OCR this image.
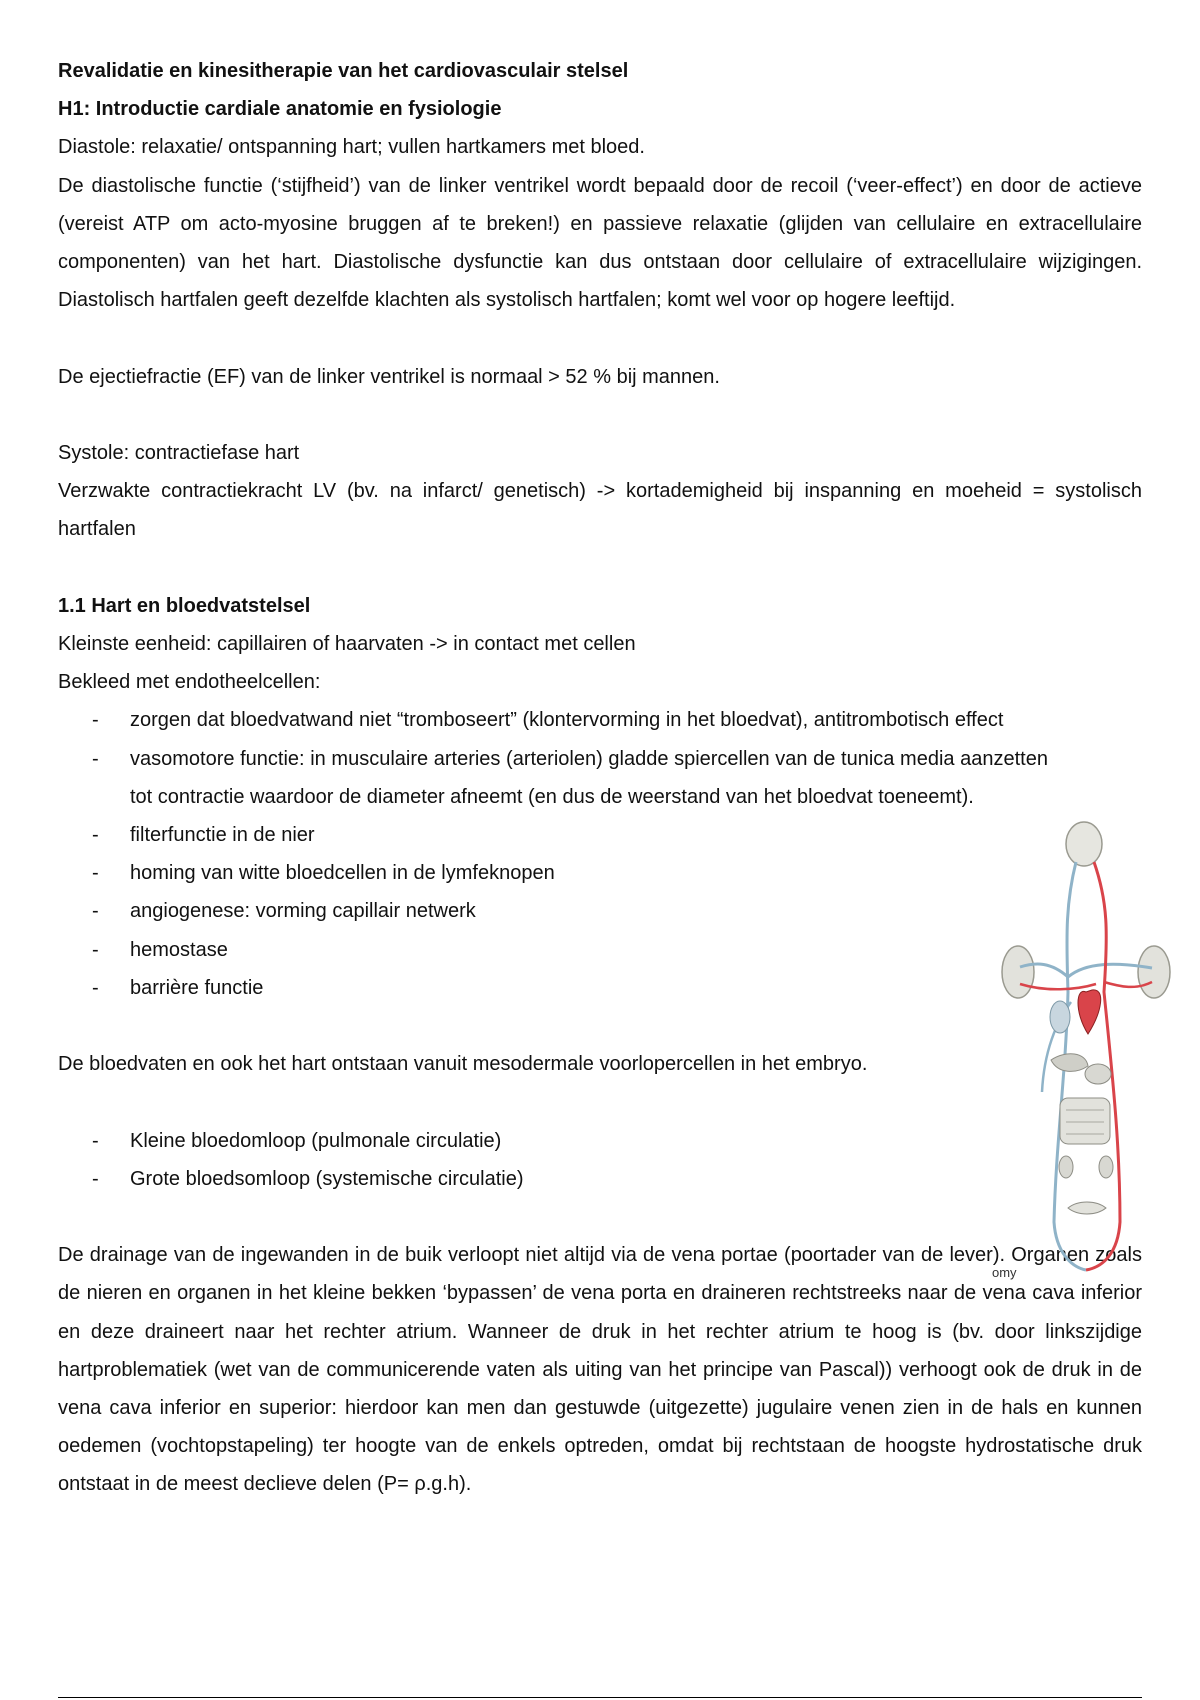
Revalidatie en kinesitherapie van het cardiovasculair stelsel

H1: Introductie cardiale anatomie en fysiologie

Diastole: relaxatie/ ontspanning hart; vullen hartkamers met bloed.

De diastolische functie (‘stijfheid’) van de linker ventrikel wordt bepaald door de recoil (‘veer-effect’) en door de actieve (vereist ATP om acto-myosine bruggen af te breken!) en passieve relaxatie (glijden van cellulaire en extracellulaire componenten) van het hart. Diastolische dysfunctie kan dus ontstaan door cellulaire of extracellulaire wijzigingen. Diastolisch hartfalen geeft dezelfde klachten als systolisch hartfalen; komt wel voor op hogere leeftijd.

De ejectiefractie (EF) van de linker ventrikel is normaal > 52 % bij mannen.

Systole: contractiefase hart

Verzwakte contractiekracht LV (bv. na infarct/ genetisch) -> kortademigheid bij inspanning en moeheid = systolisch hartfalen

1.1 Hart en bloedvatstelsel

Kleinste eenheid: capillairen of haarvaten -> in contact met cellen

Bekleed met endotheelcellen:

- zorgen dat bloedvatwand niet “tromboseert” (klontervorming in het bloedvat), antitrombotisch effect
- vasomotore functie: in musculaire arteries (arteriolen) gladde spiercellen van de tunica media aanzetten tot contractie waardoor de diameter afneemt (en dus de weerstand van het bloedvat toeneemt).
- filterfunctie in de nier
- homing van witte bloedcellen in de lymfeknopen
- angiogenese: vorming capillair netwerk
- hemostase
- barrière functie

De bloedvaten en ook het hart ontstaan vanuit mesodermale voorlopercellen in het embryo.

- Kleine bloedomloop (pulmonale circulatie)
- Grote bloedsomloop (systemische circulatie)

De drainage van de ingewanden in de buik verloopt niet altijd via de vena portae (poortader van de lever). Organen zoals de nieren en organen in het kleine bekken ‘bypassen’ de vena porta en draineren rechtstreeks naar de vena cava inferior en deze draineert naar het rechter atrium. Wanneer de druk in het rechter atrium te hoog is (bv. door linkszijdige hartproblematiek (wet van de communicerende vaten als uiting van het principe van Pascal)) verhoogt ook de druk in de vena cava inferior en superior: hierdoor kan men dan gestuwde (uitgezette) jugulaire venen zien in de hals en kunnen oedemen (vochtopstapeling) ter hoogte van de enkels optreden, omdat bij rechtstaan de hoogste hydrostatische druk ontstaat in de meest declieve delen (P= ρ.g.h).

omy
